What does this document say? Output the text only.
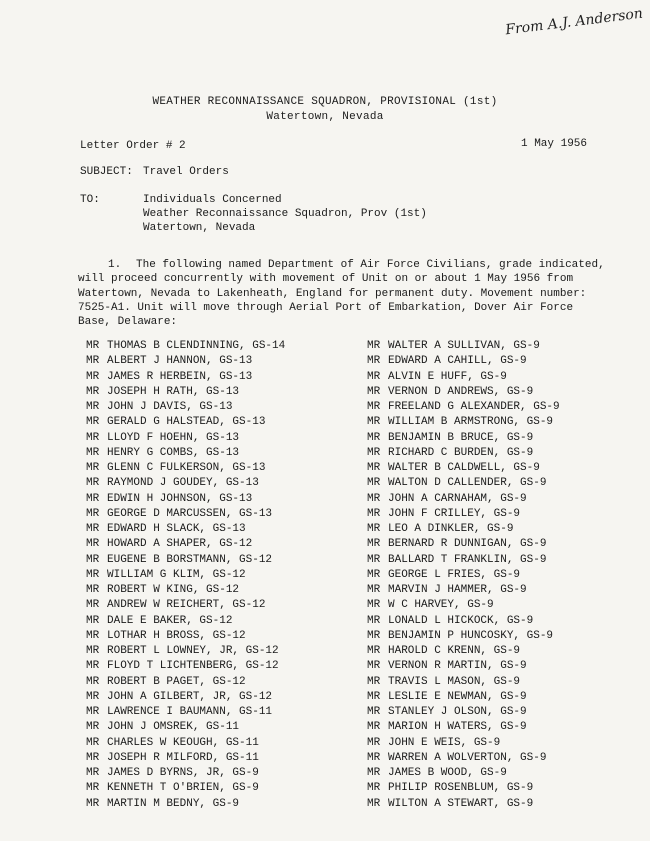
From A.J. Anderson
WEATHER RECONNAISSANCE SQUADRON, PROVISIONAL (1st)
Watertown, Nevada
Letter Order # 2	1 May 1956
SUBJECT: Travel Orders
TO:	Individuals Concerned
Weather Reconnaissance Squadron, Prov (1st)
Watertown, Nevada
1. The following named Department of Air Force Civilians, grade indicated, will proceed concurrently with movement of Unit on or about 1 May 1956 from Watertown, Nevada to Lakenheath, England for permanent duty. Movement number: 7525-A1. Unit will move through Aerial Port of Embarkation, Dover Air Force Base, Delaware:
MR THOMAS B CLENDINNING, GS-14
MR ALBERT J HANNON, GS-13
MR JAMES R HERBEIN, GS-13
MR JOSEPH H RATH, GS-13
MR JOHN J DAVIS, GS-13
MR GERALD G HALSTEAD, GS-13
MR LLOYD F HOEHN, GS-13
MR HENRY G COMBS, GS-13
MR GLENN C FULKERSON, GS-13
MR RAYMOND J GOUDEY, GS-13
MR EDWIN H JOHNSON, GS-13
MR GEORGE D MARCUSSEN, GS-13
MR EDWARD H SLACK, GS-13
MR HOWARD A SHAPER, GS-12
MR EUGENE B BORSTMANN, GS-12
MR WILLIAM G KLIM, GS-12
MR ROBERT W KING, GS-12
MR ANDREW W REICHERT, GS-12
MR DALE E BAKER, GS-12
MR LOTHAR H BROSS, GS-12
MR ROBERT L LOWNEY, JR, GS-12
MR FLOYD T LICHTENBERG, GS-12
MR ROBERT B PAGET, GS-12
MR JOHN A GILBERT, JR, GS-12
MR LAWRENCE I BAUMANN, GS-11
MR JOHN J OMSREK, GS-11
MR CHARLES W KEOUGH, GS-11
MR JOSEPH R MILFORD, GS-11
MR JAMES D BYRNS, JR, GS-9
MR KENNETH T O'BRIEN, GS-9
MR MARTIN M BEDNY, GS-9
MR WALTER A SULLIVAN, GS-9
MR EDWARD A CAHILL, GS-9
MR ALVIN E HUFF, GS-9
MR VERNON D ANDREWS, GS-9
MR FREELAND G ALEXANDER, GS-9
MR WILLIAM B ARMSTRONG, GS-9
MR BENJAMIN B BRUCE, GS-9
MR RICHARD C BURDEN, GS-9
MR WALTER B CALDWELL, GS-9
MR WALTON D CALLENDER, GS-9
MR JOHN A CARNAHAM, GS-9
MR JOHN F CRILLEY, GS-9
MR LEO A DINKLER, GS-9
MR BERNARD R DUNNIGAN, GS-9
MR BALLARD T FRANKLIN, GS-9
MR GEORGE L FRIES, GS-9
MR MARVIN J HAMMER, GS-9
MR W C HARVEY, GS-9
MR LONALD L HICKOCK, GS-9
MR BENJAMIN P HUNCOSKY, GS-9
MR HAROLD C KRENN, GS-9
MR VERNON R MARTIN, GS-9
MR TRAVIS L MASON, GS-9
MR LESLIE E NEWMAN, GS-9
MR STANLEY J OLSON, GS-9
MR MARION H WATERS, GS-9
MR JOHN E WEIS, GS-9
MR WARREN A WOLVERTON, GS-9
MR JAMES B WOOD, GS-9
MR PHILIP ROSENBLUM, GS-9
MR WILTON A STEWART, GS-9
